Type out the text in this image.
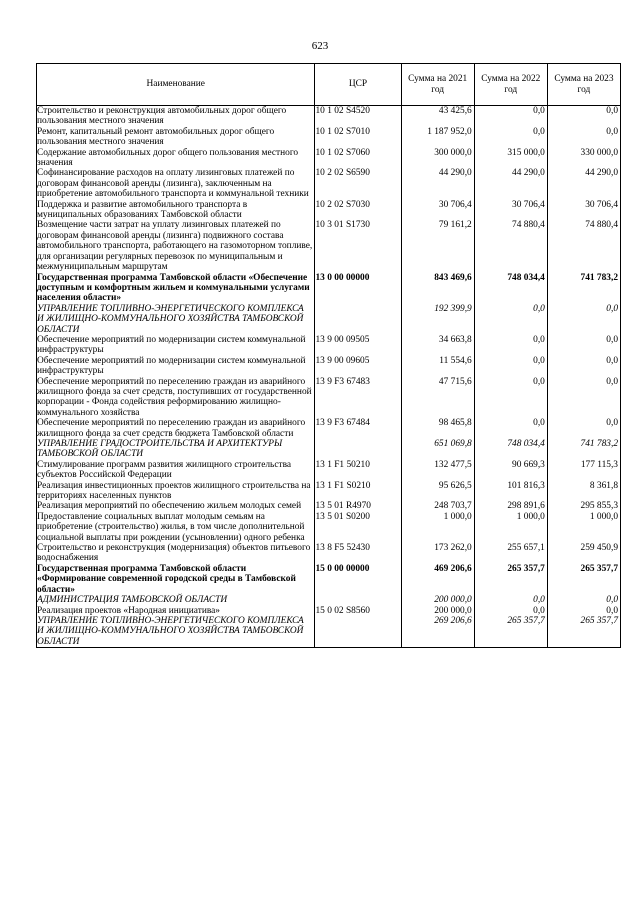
623
Наименование	ЦСР	Сумма на 2021 год	Сумма на 2022 год	Сумма на 2023 год
Строительство и реконструкция автомобильных дорог общего пользования местного значения	10 1 02 S4520	43 425,6	0,0	0,0
Ремонт, капитальный ремонт автомобильных дорог общего пользования местного значения	10 1 02 S7010	1 187 952,0	0,0	0,0
Содержание автомобильных дорог общего пользования местного значения	10 1 02 S7060	300 000,0	315 000,0	330 000,0
Софинансирование расходов на оплату лизинговых платежей по договорам финансовой аренды (лизинга), заключенным на приобретение автомобильного транспорта и коммунальной техники	10 2 02 S6590	44 290,0	44 290,0	44 290,0
Поддержка и развитие автомобильного транспорта в муниципальных образованиях Тамбовской области	10 2 02 S7030	30 706,4	30 706,4	30 706,4
Возмещение части затрат на уплату лизинговых платежей по договорам финансовой аренды (лизинга) подвижного состава автомобильного транспорта, работающего на газомоторном топливе, для организации регулярных перевозок по муниципальным и межмуниципальным маршрутам	10 3 01 S1730	79 161,2	74 880,4	74 880,4
Государственная программа Тамбовской области «Обеспечение доступным и комфортным жильем и коммунальными услугами населения области»	13 0 00 00000	843 469,6	748 034,4	741 783,2
УПРАВЛЕНИЕ ТОПЛИВНО-ЭНЕРГЕТИЧЕСКОГО КОМПЛЕКСА И ЖИЛИЩНО-КОММУНАЛЬНОГО ХОЗЯЙСТВА ТАМБОВСКОЙ ОБЛАСТИ		192 399,9	0,0	0,0
Обеспечение мероприятий по модернизации систем коммунальной инфраструктуры	13 9 00 09505	34 663,8	0,0	0,0
Обеспечение мероприятий по модернизации систем коммунальной инфраструктуры	13 9 00 09605	11 554,6	0,0	0,0
Обеспечение мероприятий по переселению граждан из аварийного жилищного фонда за счет средств, поступивших от государственной корпорации - Фонда содействия реформированию жилищно-коммунального хозяйства	13 9 F3 67483	47 715,6	0,0	0,0
Обеспечение мероприятий по переселению граждан из аварийного жилищного фонда за счет средств бюджета Тамбовской области	13 9 F3 67484	98 465,8	0,0	0,0
УПРАВЛЕНИЕ ГРАДОСТРОИТЕЛЬСТВА И АРХИТЕКТУРЫ ТАМБОВСКОЙ ОБЛАСТИ		651 069,8	748 034,4	741 783,2
Стимулирование программ развития жилищного строительства субъектов Российской Федерации	13 1 F1 50210	132 477,5	90 669,3	177 115,3
Реализация инвестиционных проектов жилищного строительства на территориях населенных пунктов	13 1 F1 S0210	95 626,5	101 816,3	8 361,8
Реализация мероприятий по обеспечению жильем молодых семей	13 5 01 R4970	248 703,7	298 891,6	295 855,3
Предоставление социальных выплат молодым семьям на приобретение (строительство) жилья, в том числе дополнительной социальной выплаты при рождении (усыновлении) одного ребенка	13 5 01 S0200	1 000,0	1 000,0	1 000,0
Строительство и реконструкция (модернизация) объектов питьевого водоснабжения	13 8 F5 52430	173 262,0	255 657,1	259 450,9
Государственная программа Тамбовской области «Формирование современной городской среды в Тамбовской области»	15 0 00 00000	469 206,6	265 357,7	265 357,7
АДМИНИСТРАЦИЯ ТАМБОВСКОЙ ОБЛАСТИ		200 000,0	0,0	0,0
Реализация проектов «Народная инициатива»	15 0 02 S8560	200 000,0	0,0	0,0
УПРАВЛЕНИЕ ТОПЛИВНО-ЭНЕРГЕТИЧЕСКОГО КОМПЛЕКСА И ЖИЛИЩНО-КОММУНАЛЬНОГО ХОЗЯЙСТВА ТАМБОВСКОЙ ОБЛАСТИ		269 206,6	265 357,7	265 357,7
